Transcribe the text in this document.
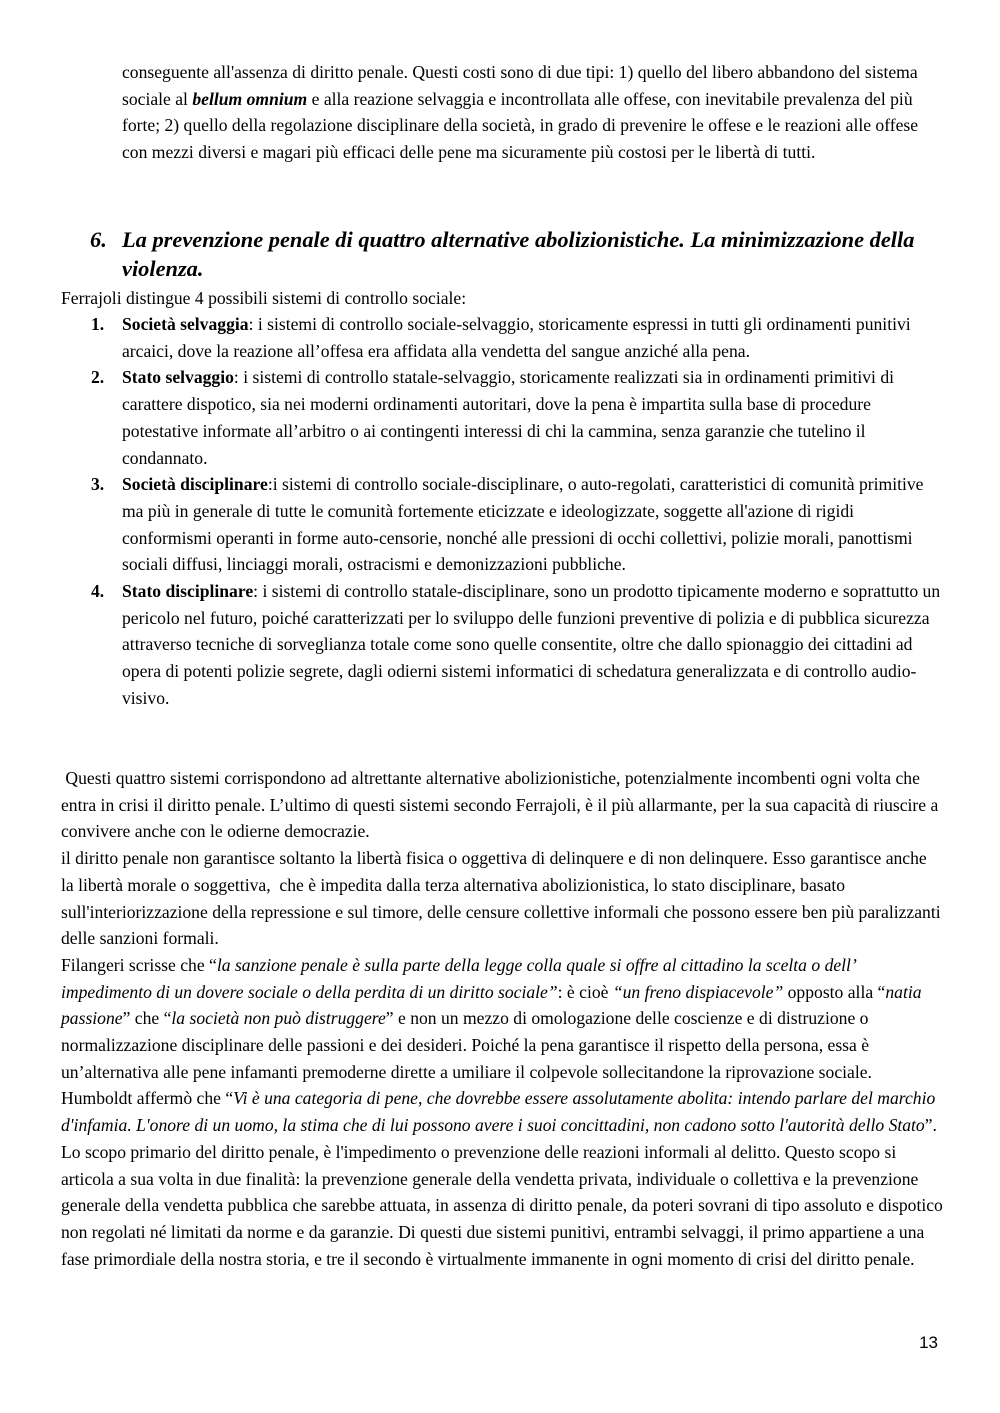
conseguente all'assenza di diritto penale. Questi costi sono di due tipi: 1) quello del libero abbandono del sistema sociale al bellum omnium e alla reazione selvaggia e incontrollata alle offese, con inevitabile prevalenza del più forte; 2) quello della regolazione disciplinare della società, in grado di prevenire le offese e le reazioni alle offese con mezzi diversi e magari più efficaci delle pene ma sicuramente più costosi per le libertà di tutti.

6. La prevenzione penale di quattro alternative abolizionistiche. La minimizzazione della violenza.

Ferrajoli distingue 4 possibili sistemi di controllo sociale:

1. Società selvaggia: i sistemi di controllo sociale-selvaggio, storicamente espressi in tutti gli ordinamenti punitivi arcaici, dove la reazione all’offesa era affidata alla vendetta del sangue anziché alla pena.
2. Stato selvaggio: i sistemi di controllo statale-selvaggio, storicamente realizzati sia in ordinamenti primitivi di carattere dispotico, sia nei moderni ordinamenti autoritari, dove la pena è impartita sulla base di procedure potestative informate all’arbitro o ai contingenti interessi di chi la cammina, senza garanzie che tutelino il condannato.
3. Società disciplinare:i sistemi di controllo sociale-disciplinare, o auto-regolati, caratteristici di comunità primitive ma più in generale di tutte le comunità fortemente eticizzate e ideologizzate, soggette all'azione di rigidi conformismi operanti in forme auto-censorie, nonché alle pressioni di occhi collettivi, polizie morali, panottismi sociali diffusi, linciaggi morali, ostracismi e demonizzazioni pubbliche.
4. Stato disciplinare: i sistemi di controllo statale-disciplinare, sono un prodotto tipicamente moderno e soprattutto un pericolo nel futuro, poiché caratterizzati per lo sviluppo delle funzioni preventive di polizia e di pubblica sicurezza attraverso tecniche di sorveglianza totale come sono quelle consentite, oltre che dallo spionaggio dei cittadini ad opera di potenti polizie segrete, dagli odierni sistemi informatici di schedatura generalizzata e di controllo audio-visivo.

Questi quattro sistemi corrispondono ad altrettante alternative abolizionistiche, potenzialmente incombenti ogni volta che entra in crisi il diritto penale. L’ultimo di questi sistemi secondo Ferrajoli, è il più allarmante, per la sua capacità di riuscire a convivere anche con le odierne democrazie.

il diritto penale non garantisce soltanto la libertà fisica o oggettiva di delinquere e di non delinquere. Esso garantisce anche la libertà morale o soggettiva,  che è impedita dalla terza alternativa abolizionistica, lo stato disciplinare, basato sull'interiorizzazione della repressione e sul timore, delle censure collettive informali che possono essere ben più paralizzanti delle sanzioni formali.

Filangeri scrisse che “la sanzione penale è sulla parte della legge colla quale si offre al cittadino la scelta o dell’ impedimento di un dovere sociale o della perdita di un diritto sociale”: è cioè “un freno dispiacevole” opposto alla “natia passione” che “la società non può distruggere” e non un mezzo di omologazione delle coscienze e di distruzione o normalizzazione disciplinare delle passioni e dei desideri. Poiché la pena garantisce il rispetto della persona, essa è un’alternativa alle pene infamanti premoderne dirette a umiliare il colpevole sollecitandone la riprovazione sociale. Humboldt affermò che “Vi è una categoria di pene, che dovrebbe essere assolutamente abolita: intendo parlare del marchio d'infamia. L'onore di un uomo, la stima che di lui possono avere i suoi concittadini, non cadono sotto l'autorità dello Stato”.

Lo scopo primario del diritto penale, è l'impedimento o prevenzione delle reazioni informali al delitto. Questo scopo si articola a sua volta in due finalità: la prevenzione generale della vendetta privata, individuale o collettiva e la prevenzione generale della vendetta pubblica che sarebbe attuata, in assenza di diritto penale, da poteri sovrani di tipo assoluto e dispotico non regolati né limitati da norme e da garanzie. Di questi due sistemi punitivi, entrambi selvaggi, il primo appartiene a una fase primordiale della nostra storia, e tre il secondo è virtualmente immanente in ogni momento di crisi del diritto penale.

13
